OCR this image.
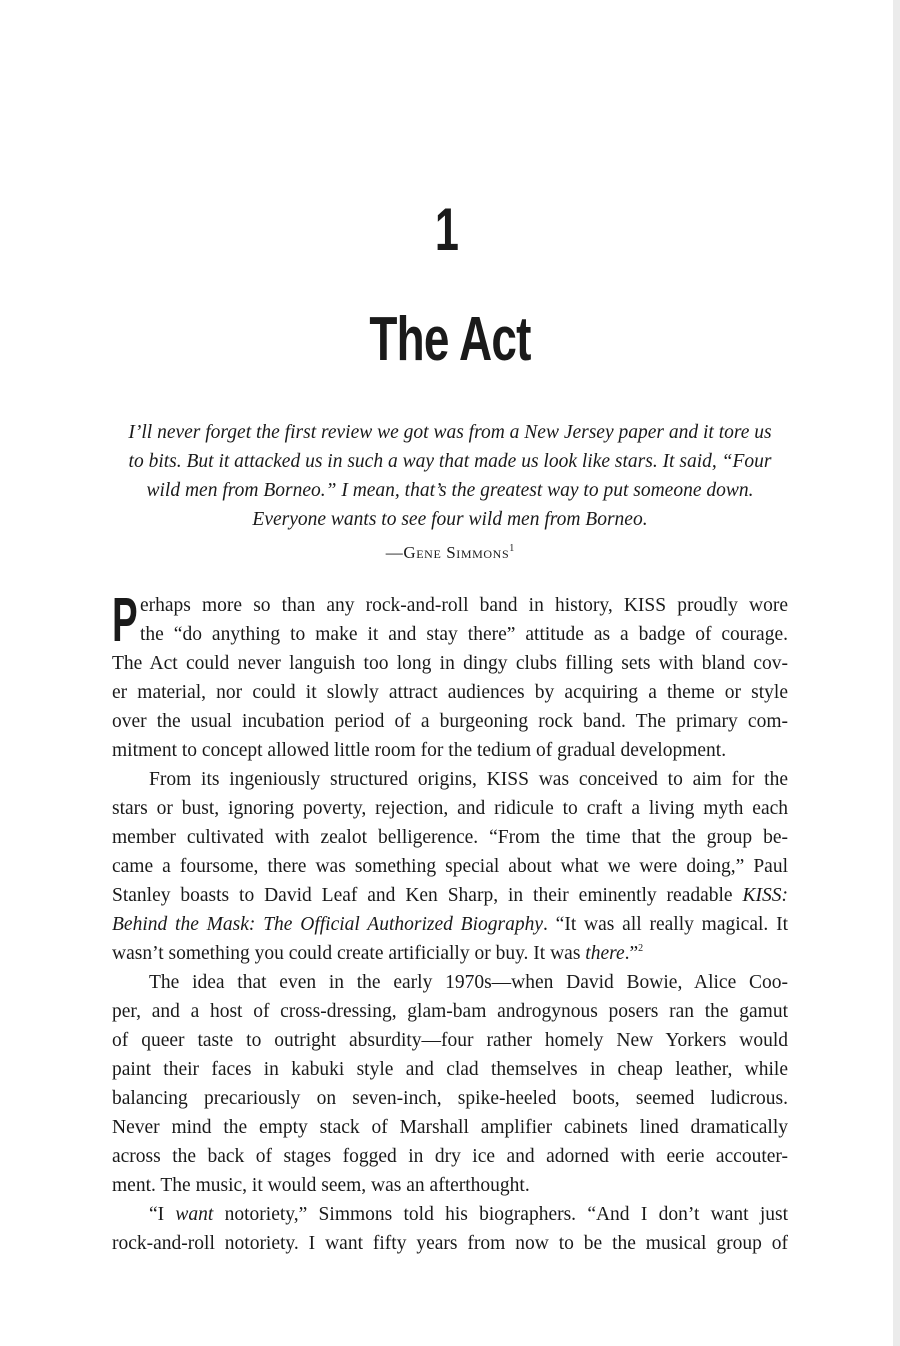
1
The Act
I’ll never forget the first review we got was from a New Jersey paper and it tore us
to bits. But it attacked us in such a way that made us look like stars. It said, “Four
wild men from Borneo.” I mean, that’s the greatest way to put someone down.
Everyone wants to see four wild men from Borneo.
—Gene Simmons$^1$
P erhaps more so than any rock-and-roll band in history, KISS proudly wore
the “do anything to make it and stay there” attitude as a badge of courage.
The Act could never languish too long in dingy clubs filling sets with bland cov-
er material, nor could it slowly attract audiences by acquiring a theme or style
over the usual incubation period of a burgeoning rock band. The primary com-
mitment to concept allowed little room for the tedium of gradual development.
From its ingeniously structured origins, KISS was conceived to aim for the
stars or bust, ignoring poverty, rejection, and ridicule to craft a living myth each
member cultivated with zealot belligerence. “From the time that the group be-
came a foursome, there was something special about what we were doing,” Paul
Stanley boasts to David Leaf and Ken Sharp, in their eminently readable KISS:
Behind the Mask: The Official Authorized Biography. “It was all really magical. It
wasn’t something you could create artificially or buy. It was there.”$^2$
The idea that even in the early 1970s—when David Bowie, Alice Coo-
per, and a host of cross-dressing, glam-bam androgynous posers ran the gamut
of queer taste to outright absurdity—four rather homely New Yorkers would
paint their faces in kabuki style and clad themselves in cheap leather, while
balancing precariously on seven-inch, spike-heeled boots, seemed ludicrous.
Never mind the empty stack of Marshall amplifier cabinets lined dramatically
across the back of stages fogged in dry ice and adorned with eerie accouter-
ment. The music, it would seem, was an afterthought.
“I want notoriety,” Simmons told his biographers. “And I don’t want just
rock-and-roll notoriety. I want fifty years from now to be the musical group of
